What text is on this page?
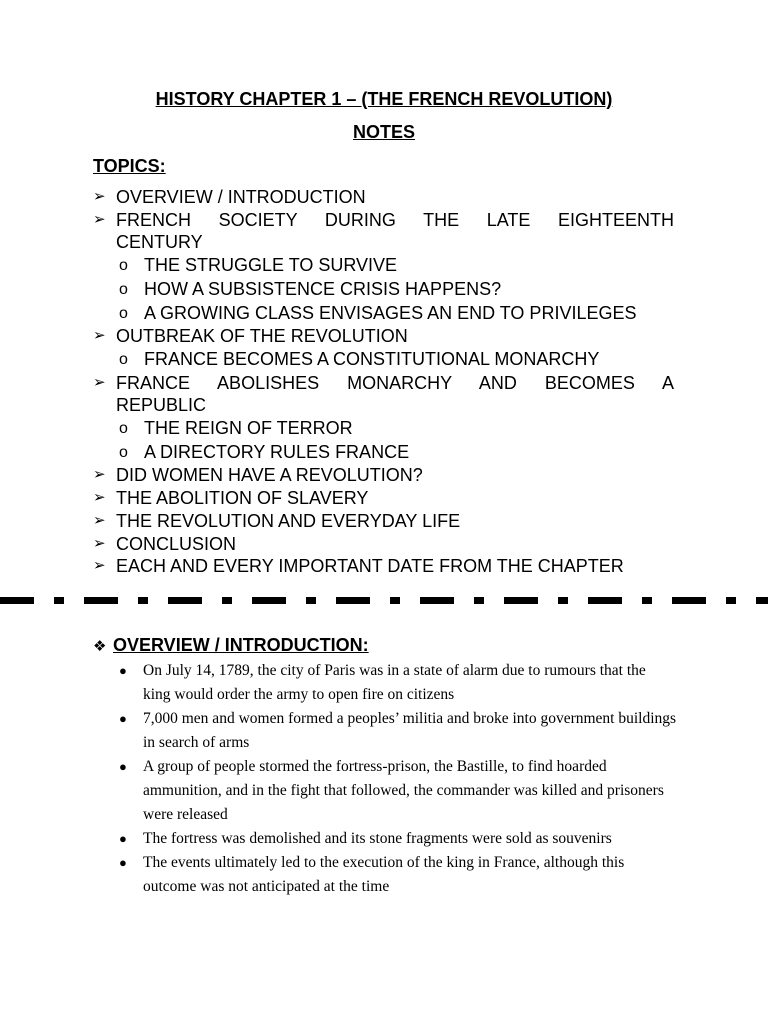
HISTORY CHAPTER 1 – (THE FRENCH REVOLUTION)
NOTES
TOPICS:
➢ OVERVIEW / INTRODUCTION
➢ FRENCH SOCIETY DURING THE LATE EIGHTEENTH
CENTURY
o THE STRUGGLE TO SURVIVE
o HOW A SUBSISTENCE CRISIS HAPPENS?
o A GROWING CLASS ENVISAGES AN END TO PRIVILEGES
➢ OUTBREAK OF THE REVOLUTION
o FRANCE BECOMES A CONSTITUTIONAL MONARCHY
➢ FRANCE ABOLISHES MONARCHY AND BECOMES A
REPUBLIC
o THE REIGN OF TERROR
o A DIRECTORY RULES FRANCE
➢ DID WOMEN HAVE A REVOLUTION?
➢ THE ABOLITION OF SLAVERY
➢ THE REVOLUTION AND EVERYDAY LIFE
➢ CONCLUSION
➢ EACH AND EVERY IMPORTANT DATE FROM THE CHAPTER
❖ OVERVIEW / INTRODUCTION:
● On July 14, 1789, the city of Paris was in a state of alarm due to rumours that the king would order the army to open fire on citizens
● 7,000 men and women formed a peoples’ militia and broke into government buildings in search of arms
● A group of people stormed the fortress-prison, the Bastille, to find hoarded ammunition, and in the fight that followed, the commander was killed and prisoners were released
● The fortress was demolished and its stone fragments were sold as souvenirs
● The events ultimately led to the execution of the king in France, although this outcome was not anticipated at the time
